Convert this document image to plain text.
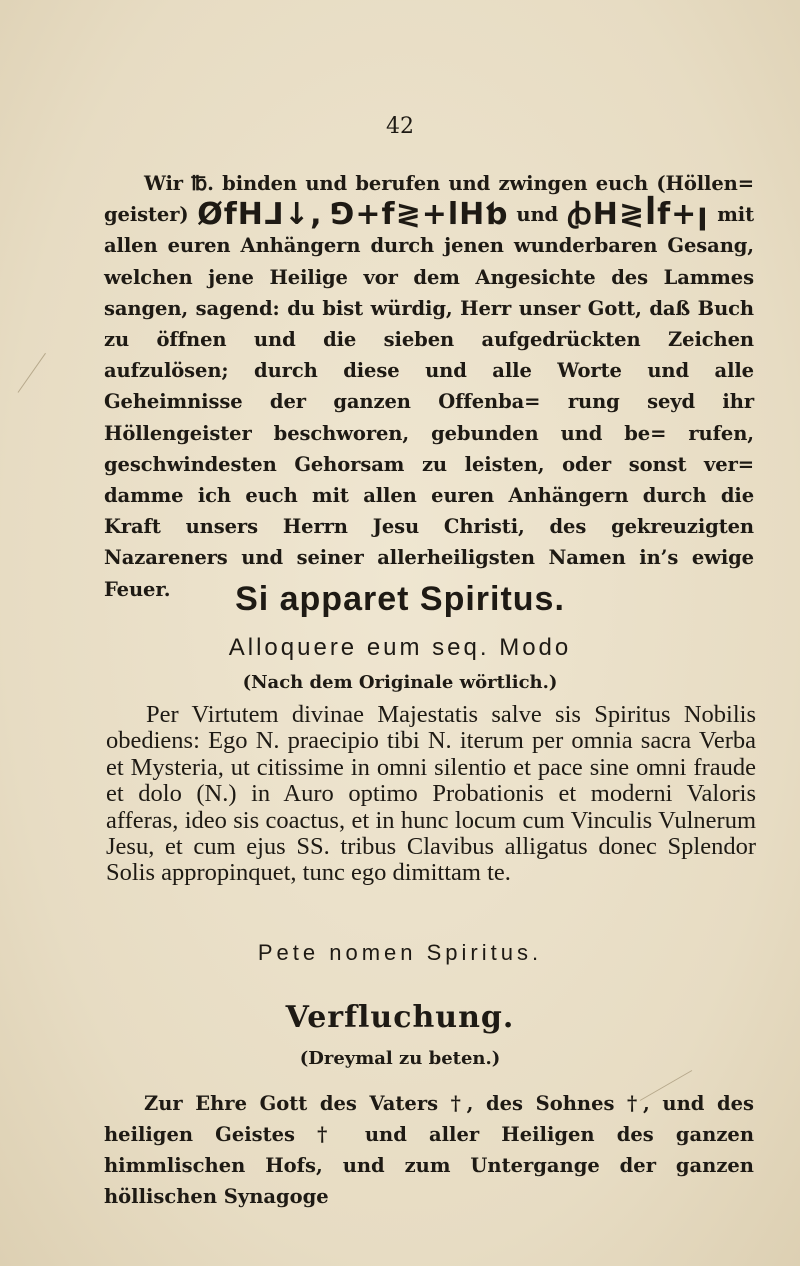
42
Wir ℔. binden und berufen und zwingen euch (Höllen= geister) ØfH⅃↓, ⅁+f≷+ⅼHƅ und ꞗH≷ꟾf+ꞁ mit allen euren Anhängern durch jenen wunderbaren Gesang, welchen jene Heilige vor dem Angesichte des Lammes sangen, sagend: du bist würdig, Herr unser Gott, daß Buch zu öffnen und die sieben aufgedrückten Zeichen aufzulösen; durch diese und alle Worte und alle Geheimnisse der ganzen Offenba= rung seyd ihr Höllengeister beschworen, gebunden und be= rufen, geschwindesten Gehorsam zu leisten, oder sonst ver= damme ich euch mit allen euren Anhängern durch die Kraft unsers Herrn Jesu Christi, des gekreuzigten Nazareners und seiner allerheiligsten Namen in’s ewige Feuer.	Si apparet Spiritus.
Alloquere eum seq. Modo
(Nach dem Originale wörtlich.)
Per Virtutem divinae Majestatis salve sis Spiritus Nobilis obediens: Ego N. praecipio tibi N. iterum per omnia sacra Verba et Mysteria, ut citissime in omni silentio et pace sine omni fraude et dolo (N.) in Auro optimo Probationis et moderni Valoris afferas, ideo sis coactus, et in hunc locum cum Vinculis Vulnerum Jesu, et cum ejus SS. tribus Clavibus alligatus donec Splendor Solis appropinquet, tunc ego dimittam te.
Pete nomen Spiritus.
Verfluchung.
(Dreymal zu beten.)
Zur Ehre Gott des Vaters †, des Sohnes †, und des heiligen Geistes † und aller Heiligen des ganzen himmlischen Hofs, und zum Untergange der ganzen höllischen Synagoge
